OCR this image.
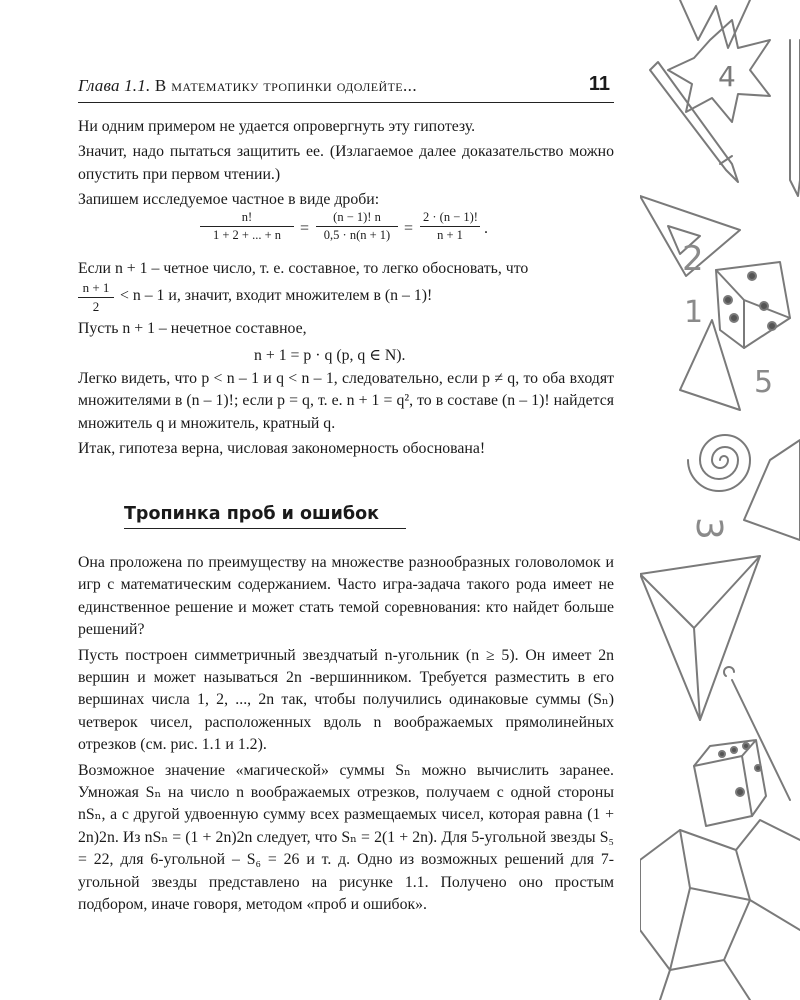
Глава 1.1. В математику тропинки одолейте...	11

Ни одним примером не удается опровергнуть эту гипотезу.

Значит, надо пытаться защитить ее. (Излагаемое далее доказательство можно опустить при первом чтении.)

Запишем исследуемое частное в виде дроби:

$\frac{n!}{1 + 2 + ... + n} = \frac{(n - 1)! n}{0,5 \cdot n(n + 1)} = \frac{2 \cdot (n - 1)!}{n + 1}$ .

Если n + 1 – четное число, т. е. составное, то легко обосновать, что

$\frac{n + 1}{2} < n - 1$ и, значит, входит множителем в (n – 1)!

Пусть n + 1 – нечетное составное,

n + 1 = p · q (p, q ∈ N).

Легко видеть, что p < n – 1 и q < n – 1, следовательно, если p ≠ q, то оба входят множителями в (n – 1)!; если p = q, т. е. n + 1 = q², то в составе (n – 1)! найдется множитель q и множитель, кратный q.

Итак, гипотеза верна, числовая закономерность обоснована!

Тропинка проб и ошибок

Она проложена по преимуществу на множестве разнообразных головоломок и игр с математическим содержанием. Часто игра-задача такого рода имеет не единственное решение и может стать темой соревнования: кто найдет больше решений?

Пусть построен симметричный звездчатый n-угольник (n ≥ 5). Он имеет 2n вершин и может называться 2n -вершинником. Требуется разместить в его вершинах числа 1, 2, ..., 2n так, чтобы получились одинаковые суммы (Sₙ) четверок чисел, расположенных вдоль n воображаемых прямолинейных отрезков (см. рис. 1.1 и 1.2).

Возможное значение «магической» суммы Sₙ можно вычислить заранее. Умножая Sₙ на число n воображаемых отрезков, получаем с одной стороны nSₙ, а с другой удвоенную сумму всех размещаемых чисел, которая равна (1 + 2n)2n. Из nSₙ = (1 + 2n)2n следует, что Sₙ = 2(1 + 2n). Для 5-угольной звезды S₅ = 22, для 6-угольной – S₆ = 26 и т. д. Одно из возможных решений для 7-угольной звезды представлено на рисунке 1.1. Получено оно простым подбором, иначе говоря, методом «проб и ошибок».

4
2
1
5
3
